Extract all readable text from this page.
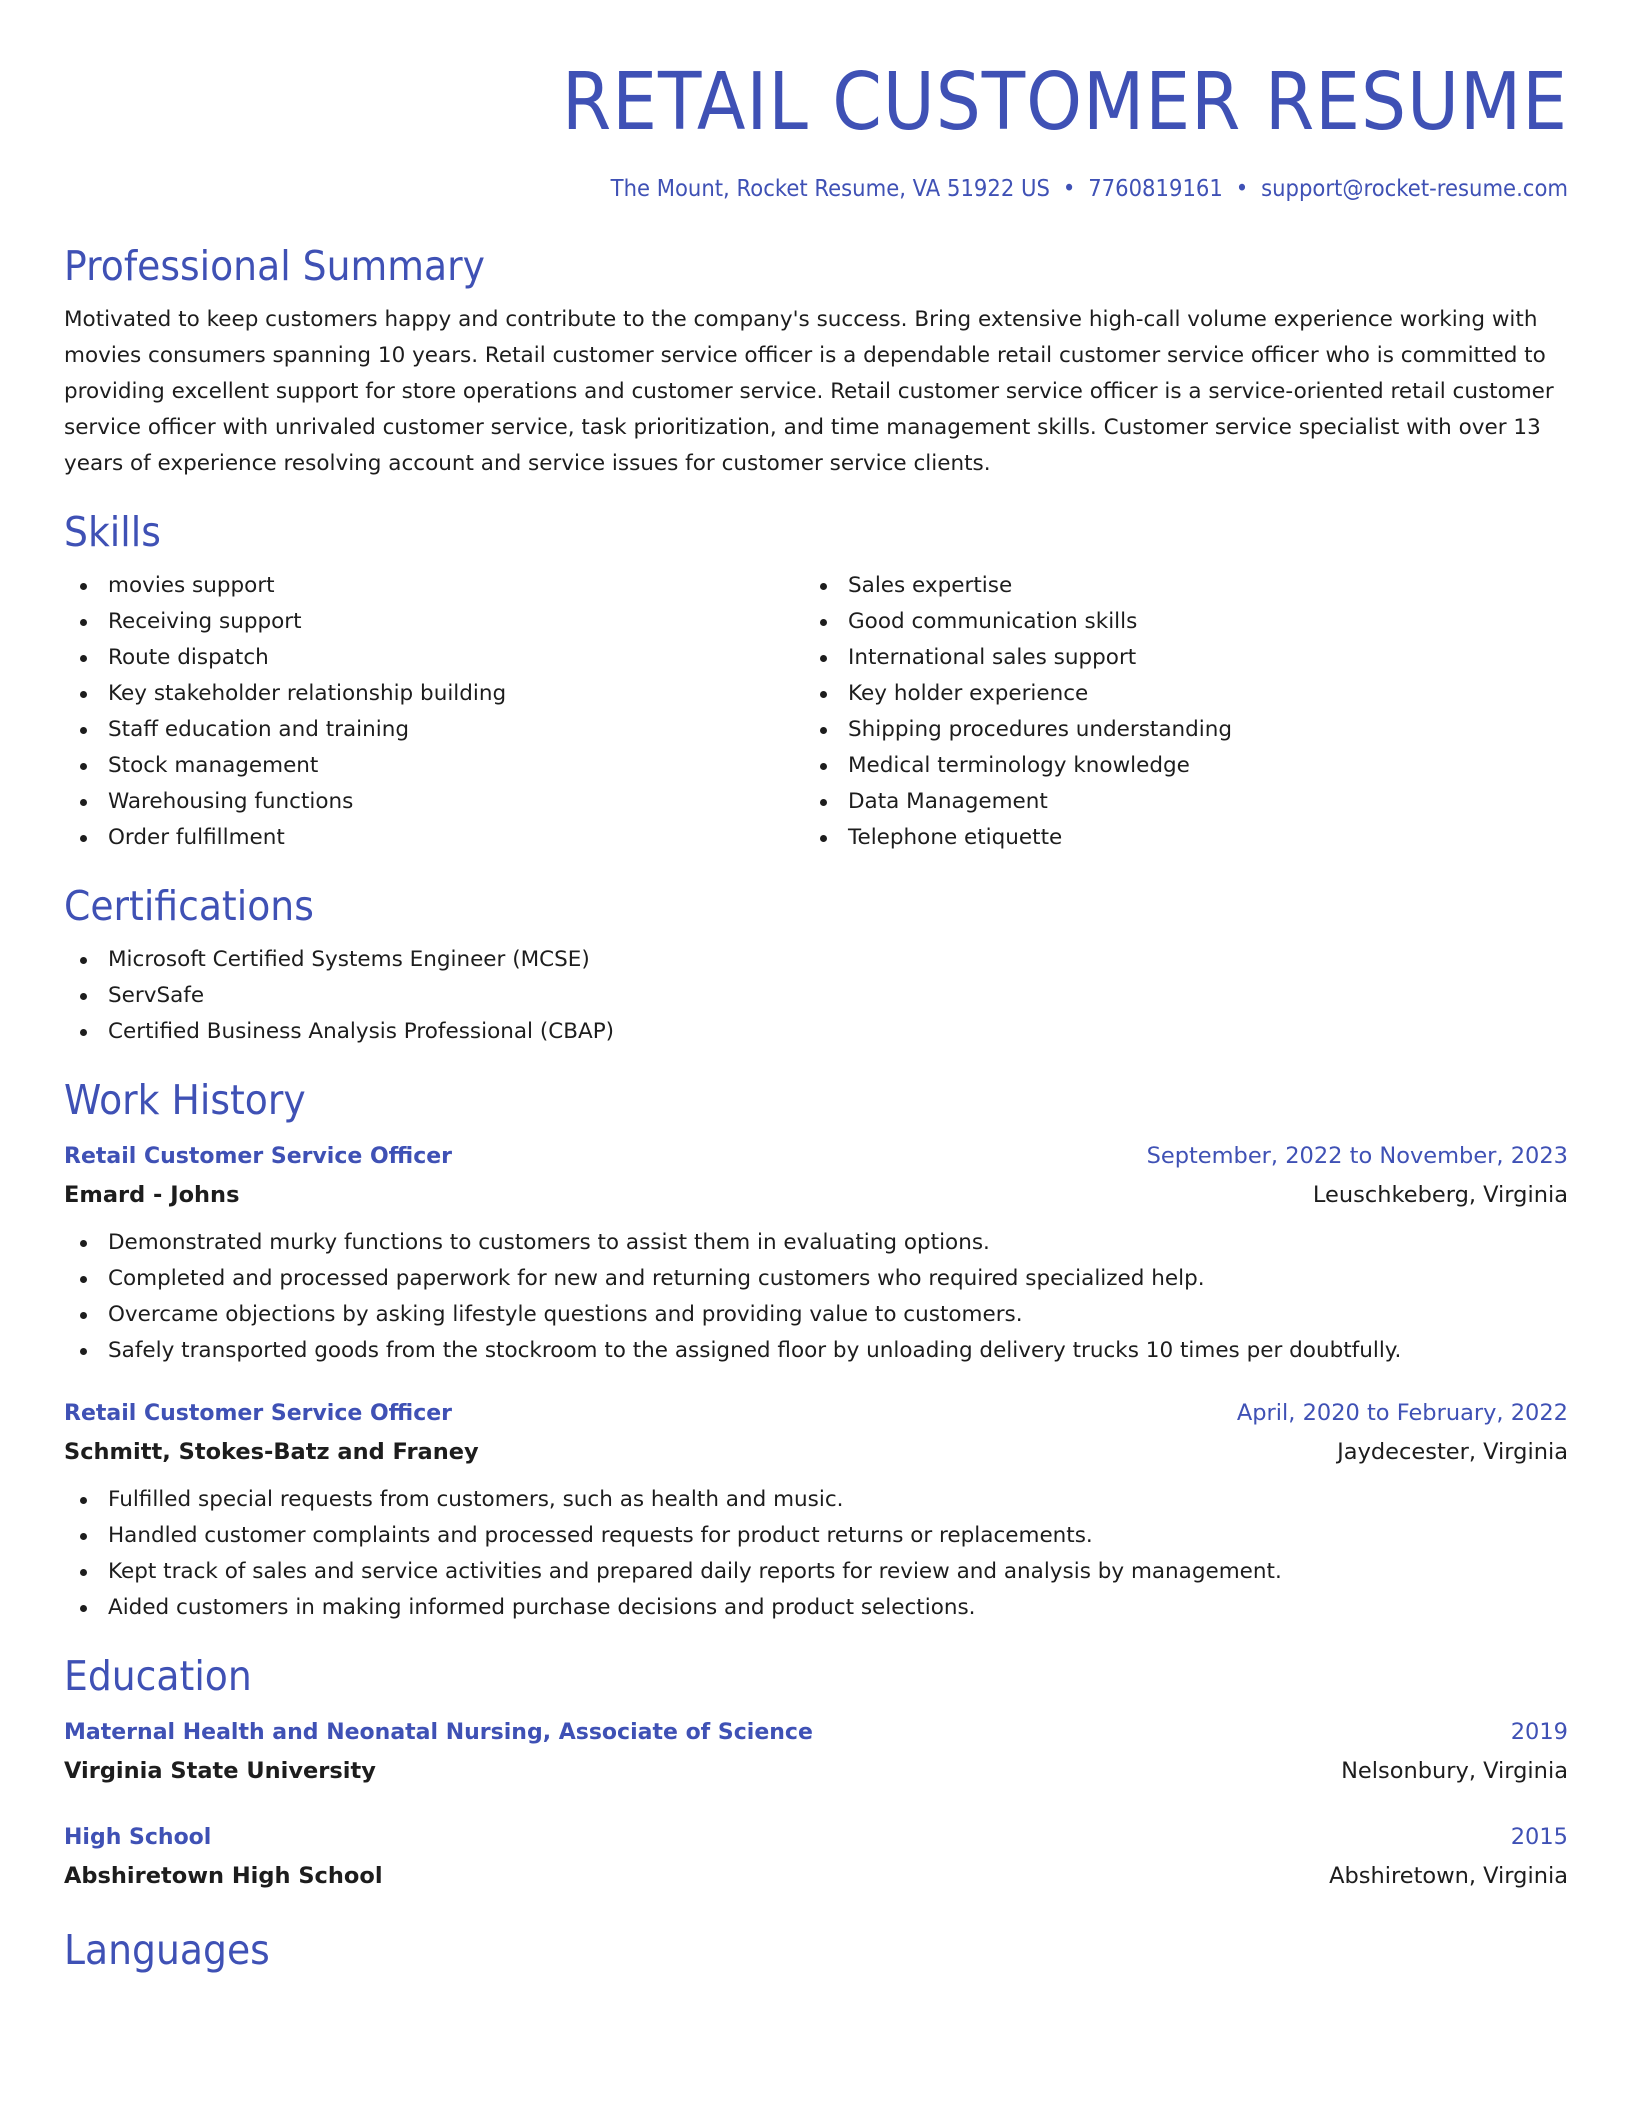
RETAIL CUSTOMER RESUME
The Mount, Rocket Resume, VA 51922 US • 7760819161 • support@rocket-resume.com
Professional Summary

Motivated to keep customers happy and contribute to the company's success. Bring extensive high-call volume experience working with movies consumers spanning 10 years. Retail customer service officer is a dependable retail customer service officer who is committed to providing excellent support for store operations and customer service. Retail customer service officer is a service-oriented retail customer service officer with unrivaled customer service, task prioritization, and time management skills. Customer service specialist with over 13 years of experience resolving account and service issues for customer service clients.

Skills
movies support
Receiving support
Route dispatch
Key stakeholder relationship building
Staff education and training
Stock management
Warehousing functions
Order fulfillment
Sales expertise
Good communication skills
International sales support
Key holder experience
Shipping procedures understanding
Medical terminology knowledge
Data Management
Telephone etiquette
Certifications
Microsoft Certified Systems Engineer (MCSE)
ServSafe
Certified Business Analysis Professional (CBAP)
Work History
Retail Customer Service Officer	September, 2022 to November, 2023
Emard - Johns	Leuschkeberg, Virginia
Demonstrated murky functions to customers to assist them in evaluating options.
Completed and processed paperwork for new and returning customers who required specialized help.
Overcame objections by asking lifestyle questions and providing value to customers.
Safely transported goods from the stockroom to the assigned floor by unloading delivery trucks 10 times per doubtfully.
Retail Customer Service Officer	April, 2020 to February, 2022
Schmitt, Stokes-Batz and Franey	Jaydecester, Virginia
Fulfilled special requests from customers, such as health and music.
Handled customer complaints and processed requests for product returns or replacements.
Kept track of sales and service activities and prepared daily reports for review and analysis by management.
Aided customers in making informed purchase decisions and product selections.
Education
Maternal Health and Neonatal Nursing, Associate of Science	2019
Virginia State University	Nelsonbury, Virginia
High School	2015
Abshiretown High School	Abshiretown, Virginia
Languages
